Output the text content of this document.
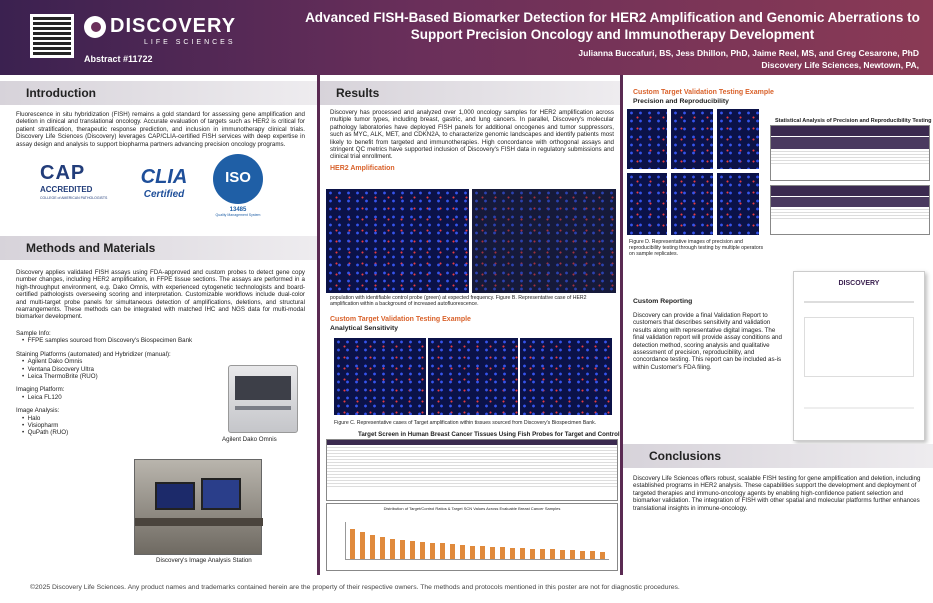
DISCOVERY
LIFE SCIENCES
Abstract #11722
Advanced FISH-Based Biomarker Detection for HER2 Amplification and Genomic Aberrations to Support Precision Oncology and Immunotherapy Development
Julianna Buccafuri, BS, Jess Dhillon, PhD, Jaime Reel, MS, and Greg Cesarone, PhD
Discovery Life Sciences, Newtown, PA,
Introduction
Fluorescence in situ hybridization (FISH) remains a gold standard for assessing gene amplification and deletion in clinical and translational oncology. Accurate evaluation of targets such as HER2 is critical for patient stratification, therapeutic response prediction, and inclusion in immunotherapy clinical trials. Discovery Life Sciences (Discovery) leverages CAP/CLIA-certified FISH services with deep expertise in assay design and analysis to support biopharma partners advancing precision oncology programs.
CAP
ACCREDITED
COLLEGE of AMERICAN PATHOLOGISTS
CLIA
Certified
ISO
13485
Quality Management System
Methods and Materials
Discovery applies validated FISH assays using FDA-approved and custom probes to detect gene copy number changes, including HER2 amplification, in FFPE tissue sections. The assays are performed in a high-throughput environment, e.g. Dako Omnis, with experienced cytogenetic technologists and board-certified pathologists overseeing scoring and interpretation. Customizable workflows include dual-color and multi-target probe panels for simultaneous detection of amplifications, deletions, and structural rearrangements. These methods can be integrated with matched IHC and NGS data for multi-modal biomarker development.
Sample Info:
•  FFPE samples sourced from Discovery's Biospecimen Bank
Staining Platforms (automated) and Hybridizer (manual):
•  Agilent Dako Omnis
•  Ventana Discovery Ultra
•  Leica ThermoBrite (RUO)
Imaging Platform:
•  Leica FL120
Image Analysis:
•  Halo
•  Visiopharm
•  QuPath (RUO)
Agilent Dako Omnis
Discovery's Image Analysis Station
Results
Discovery has processed and analyzed over 1,000 oncology samples for HER2 amplification across multiple tumor types, including breast, gastric, and lung cancers. In parallel, Discovery's molecular pathology laboratories have deployed FISH panels for additional oncogenes and tumor suppressors, such as MYC, ALK, MET, and CDKN2A, to characterize genomic landscapes and identify patients most likely to benefit from targeted and immunotherapies. High concordance with orthogonal assays and stringent QC metrics have supported inclusion of Discovery's FISH data in regulatory submissions and clinical trial enrollment.
HER2 Amplification
population with identifiable control probe (green) at expected frequency. Figure B. Representative case of HER2 amplification within a background of increased autofluorescence.
Custom Target Validation Testing Example
Analytical Sensitivity
Figure C. Representative cases of Target amplification within tissues sourced from Discovery's Biospecimen Bank.
Target Screen in Human Breast Cancer Tissues Using Fish Probes for Target and Control
Distribution of Target/Control Ratios & Target SCN Values Across Evaluable Breast Cancer Samples
Custom Target Validation Testing Example
Precision and Reproducibility
Statistical Analysis of Precision and Reproducibility Testing
Figure D. Representative images of precision and reproducibility testing through testing by multiple operators on sample replicates.
Custom Reporting
Discovery can provide a final Validation Report to customers that describes sensitivity and validation results along with representative digital images. The final validation report will provide assay conditions and detection method, scoring analysis and qualitative assessment of precision, reproducibility, and concordance testing. This report can be included as-is within Customer's FDA filing.
DISCOVERY
Conclusions
Discovery Life Sciences offers robust, scalable FISH testing for gene amplification and deletion, including established programs in HER2 analysis. These capabilities support the development and deployment of targeted therapies and immuno-oncology agents by enabling high-confidence patient selection and biomarker validation. The integration of FISH with other spatial and molecular platforms further enhances translational insights in immune-oncology.
©2025 Discovery Life Sciences. Any product names and trademarks contained herein are the property of their respective owners. The methods and protocols mentioned in this poster are not for diagnostic procedures.
